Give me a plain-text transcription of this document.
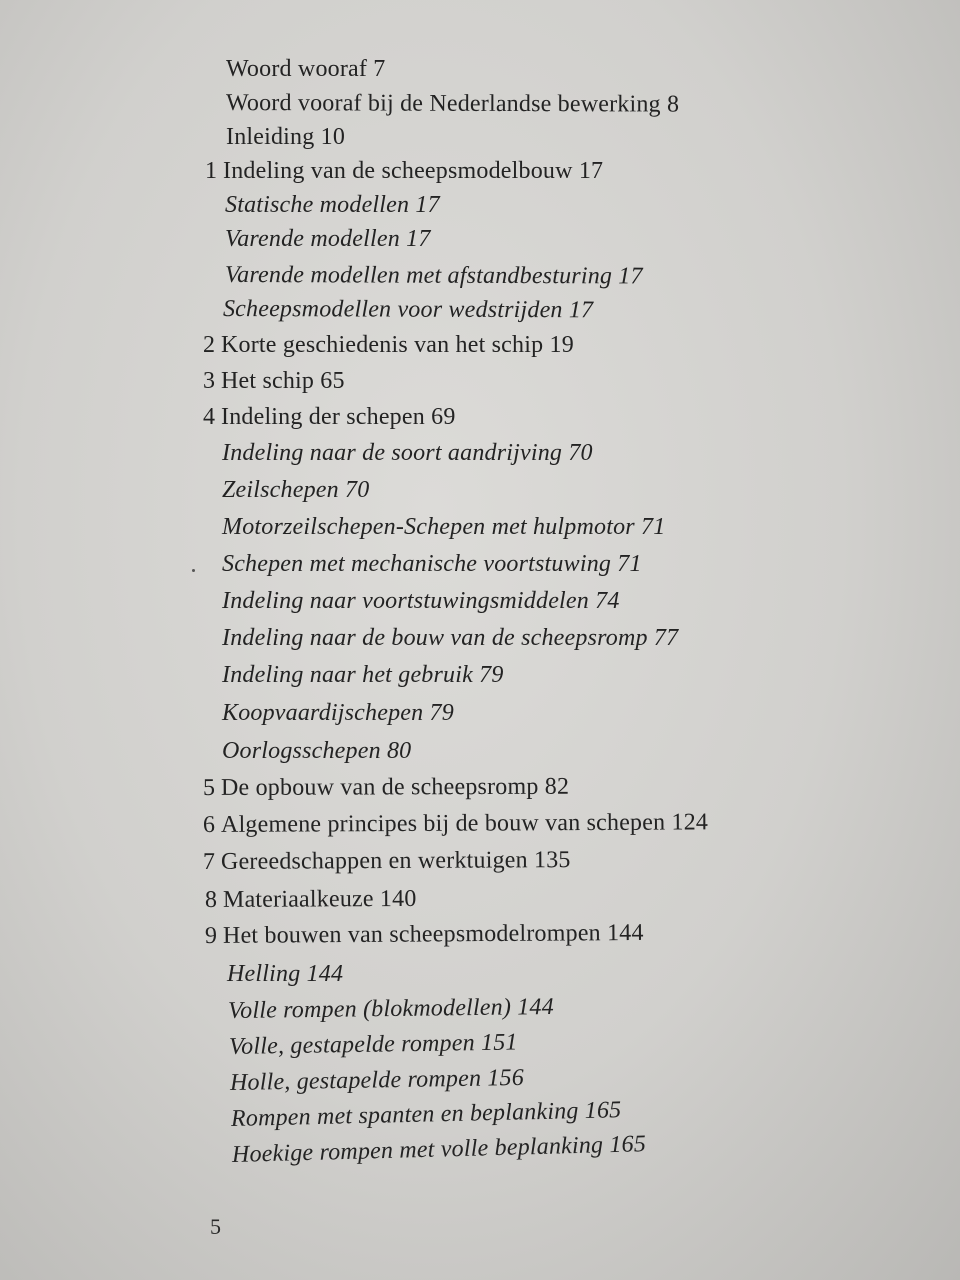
Woord wooraf 7
Woord vooraf bij de Nederlandse bewerking 8
Inleiding 10
1 Indeling van de scheepsmodelbouw 17
Statische modellen 17
Varende modellen 17
Varende modellen met afstandbesturing 17
Scheepsmodellen voor wedstrijden 17
2 Korte geschiedenis van het schip 19
3 Het schip 65
4 Indeling der schepen 69
Indeling naar de soort aandrijving 70
Zeilschepen 70
Motorzeilschepen-Schepen met hulpmotor 71
Schepen met mechanische voortstuwing 71
Indeling naar voortstuwingsmiddelen 74
Indeling naar de bouw van de scheepsromp 77
Indeling naar het gebruik 79
Koopvaardijschepen 79
Oorlogsschepen 80
5 De opbouw van de scheepsromp 82
6 Algemene principes bij de bouw van schepen 124
7 Gereedschappen en werktuigen 135
8 Materiaalkeuze 140
9 Het bouwen van scheepsmodelrompen 144
Helling 144
Volle rompen (blokmodellen) 144
Volle, gestapelde rompen 151
Holle, gestapelde rompen 156
Rompen met spanten en beplanking 165
Hoekige rompen met volle beplanking 165
5
